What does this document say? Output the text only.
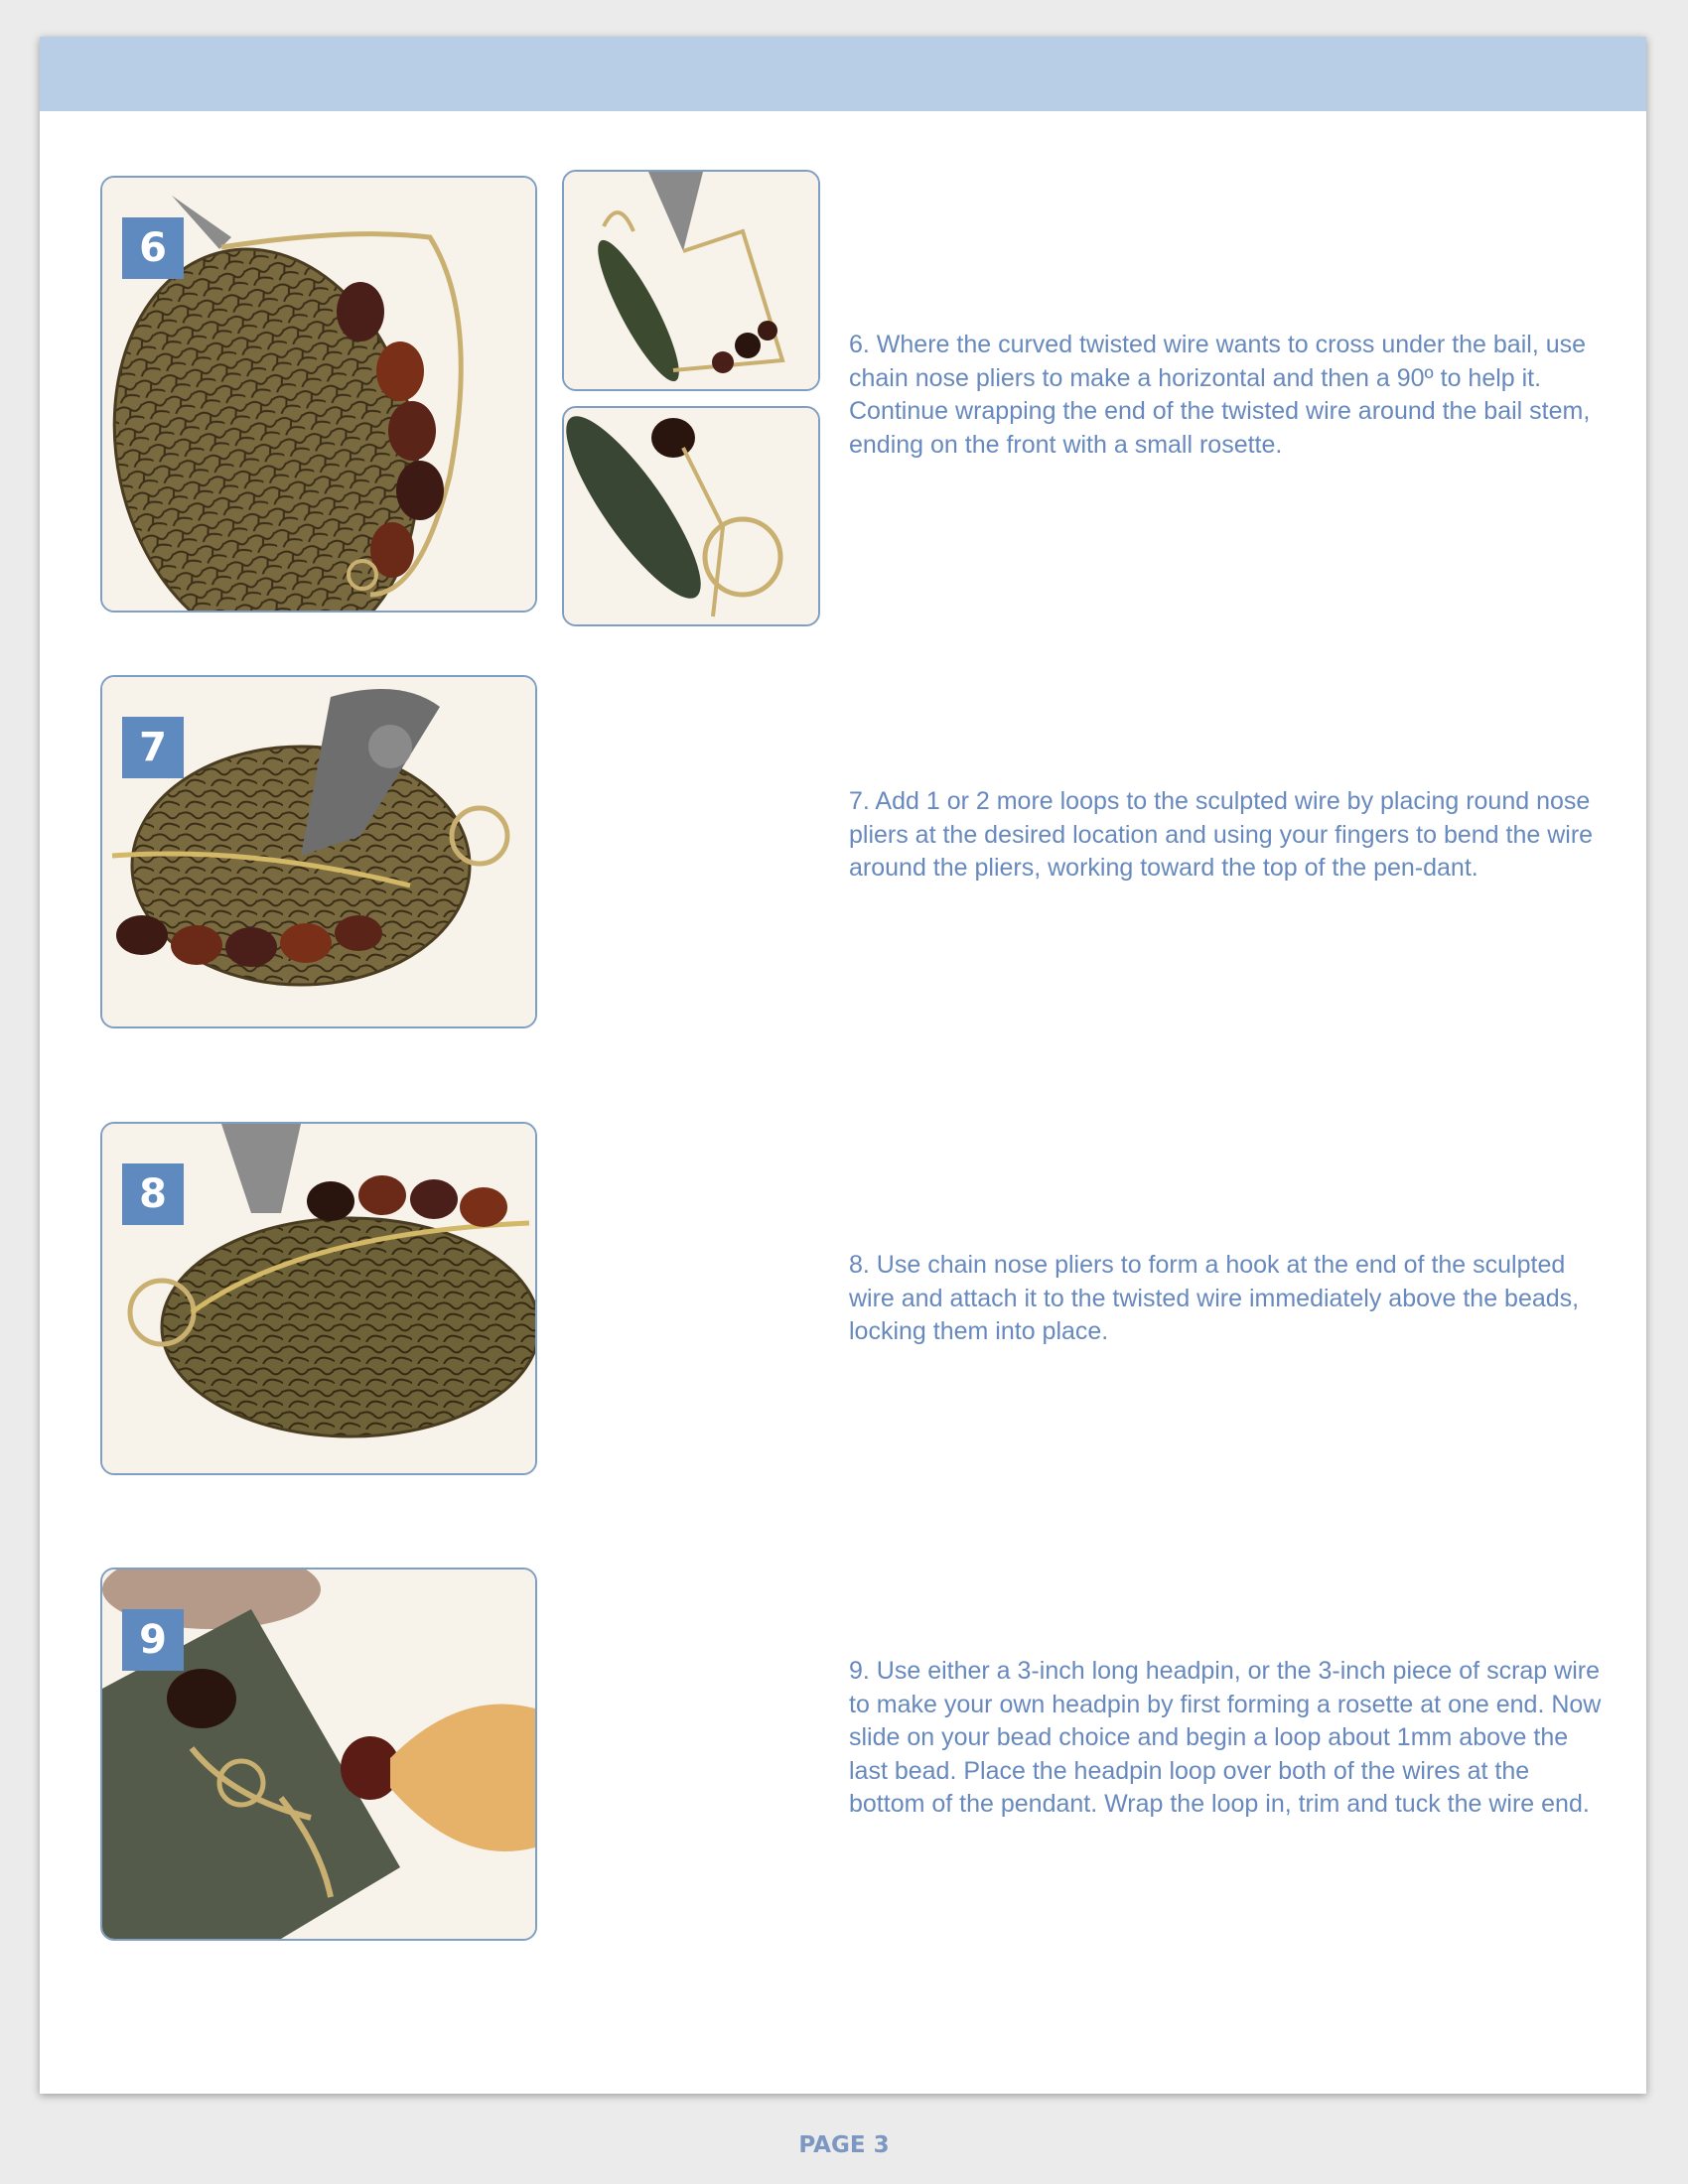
6

6. Where the curved twisted wire wants to cross under the bail, use chain nose pliers to make a horizontal and then a 90º to help it. Continue wrapping the end of the twisted wire around the bail stem, ending on the front with a small rosette.

7

7. Add 1 or 2 more loops to the sculpted wire by placing round nose pliers at the desired location and using your fingers to bend the wire around the pliers, working toward the top of the pen-dant.

8

8. Use chain nose pliers to form a hook at the end of the sculpted wire and attach it to the twisted wire immediately above the beads, locking them into place.

9

9. Use either a 3-inch long headpin, or the 3-inch piece of scrap wire to make your own headpin by first forming a rosette at one end. Now slide on your bead choice and begin a loop about 1mm above the last bead. Place the headpin loop over both of the wires at the bottom of the pendant. Wrap the loop in, trim and tuck the wire end.

PAGE 3
